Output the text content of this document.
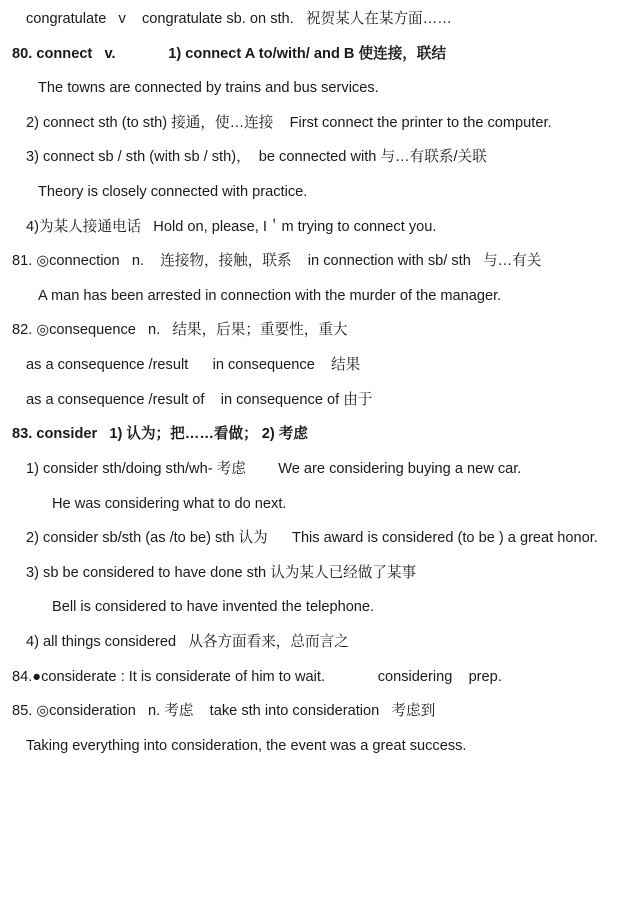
congratulate   v    congratulate sb. on sth.   祝贺某人在某方面……

80. connect   v.             1) connect A to/with/ and B 使连接，联结

The towns are connected by trains and bus services.

2) connect sth (to sth) 接通，使…连接    First connect the printer to the computer.

3) connect sb / sth (with sb / sth)，  be connected with 与…有联系/关联

Theory is closely connected with practice.

4)为某人接通电话   Hold on, please, I＇m trying to connect you.

81. ◎connection   n.    连接物，接触，联系    in connection with sb/ sth   与…有关

A man has been arrested in connection with the murder of the manager.

82. ◎consequence   n.   结果，后果；重要性，重大

as a consequence /result      in consequence    结果

as a consequence /result of    in consequence of 由于

83. consider   1) 认为；把……看做； 2) 考虑

1) consider sth/doing sth/wh- 考虑        We are considering buying a new car.

He was considering what to do next.

2) consider sb/sth (as /to be) sth 认为      This award is considered (to be ) a great honor.

3) sb be considered to have done sth 认为某人已经做了某事

Bell is considered to have invented the telephone.

4) all things considered   从各方面看来，总而言之

84.●considerate : It is considerate of him to wait.             considering    prep.

85. ◎consideration   n. 考虑    take sth into consideration   考虑到

Taking everything into consideration, the event was a great success.
